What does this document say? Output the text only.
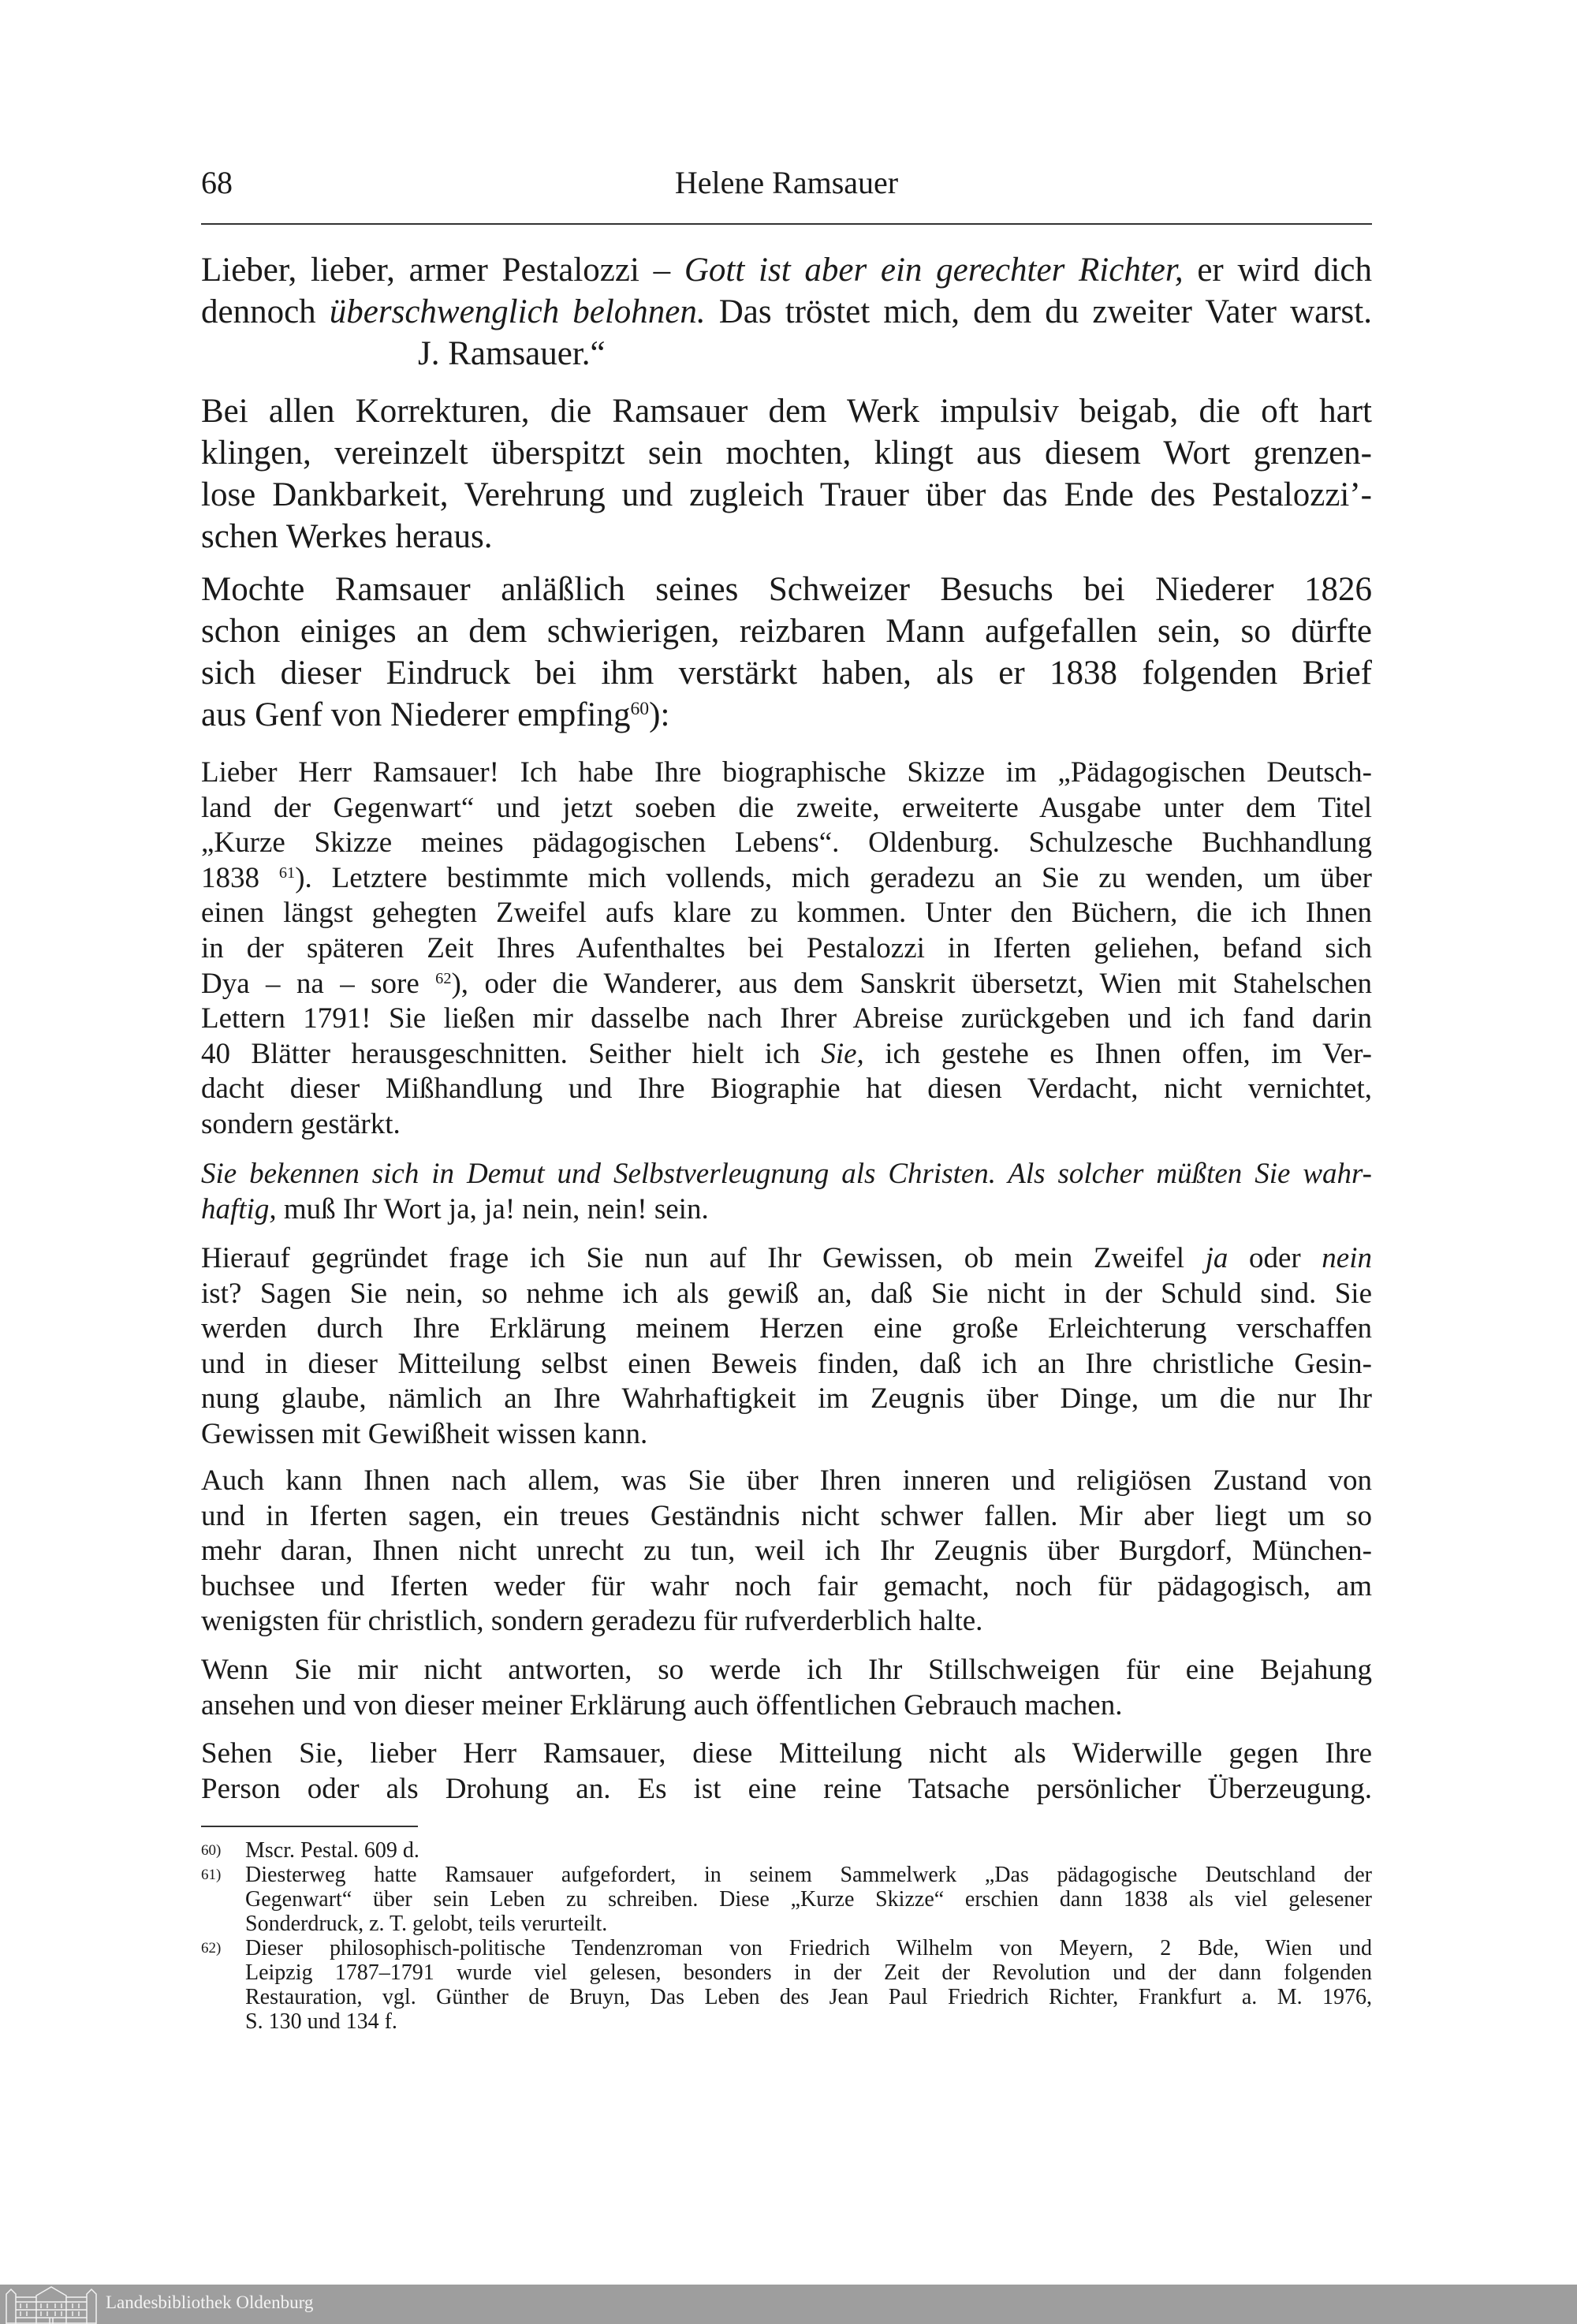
68	Helene Ramsauer
Lieber, lieber, armer Pestalozzi – Gott ist aber ein gerechter Richter, er wird dich
dennoch überschwenglich belohnen. Das tröstet mich, dem du zweiter Vater warst.
J. Ramsauer.“
Bei allen Korrekturen, die Ramsauer dem Werk impulsiv beigab, die oft hart
klingen, vereinzelt überspitzt sein mochten, klingt aus diesem Wort grenzen-
lose Dankbarkeit, Verehrung und zugleich Trauer über das Ende des Pestalozzi’-
schen Werkes heraus.
Mochte Ramsauer anläßlich seines Schweizer Besuchs bei Niederer 1826
schon einiges an dem schwierigen, reizbaren Mann aufgefallen sein, so dürfte
sich dieser Eindruck bei ihm verstärkt haben, als er 1838 folgenden Brief
aus Genf von Niederer empfing$^{60}$):
Lieber Herr Ramsauer! Ich habe Ihre biographische Skizze im „Pädagogischen Deutsch-
land der Gegenwart“ und jetzt soeben die zweite, erweiterte Ausgabe unter dem Titel
„Kurze Skizze meines pädagogischen Lebens“. Oldenburg. Schulzesche Buchhandlung
1838 $^{61}$). Letztere bestimmte mich vollends, mich geradezu an Sie zu wenden, um über
einen längst gehegten Zweifel aufs klare zu kommen. Unter den Büchern, die ich Ihnen
in der späteren Zeit Ihres Aufenthaltes bei Pestalozzi in Iferten geliehen, befand sich
Dya – na – sore $^{62}$), oder die Wanderer, aus dem Sanskrit übersetzt, Wien mit Stahelschen
Lettern 1791! Sie ließen mir dasselbe nach Ihrer Abreise zurückgeben und ich fand darin
40 Blätter herausgeschnitten. Seither hielt ich Sie, ich gestehe es Ihnen offen, im Ver-
dacht dieser Mißhandlung und Ihre Biographie hat diesen Verdacht, nicht vernichtet,
sondern gestärkt.
Sie bekennen sich in Demut und Selbstverleugnung als Christen. Als solcher müßten Sie wahr-
haftig, muß Ihr Wort ja, ja! nein, nein! sein.
Hierauf gegründet frage ich Sie nun auf Ihr Gewissen, ob mein Zweifel ja oder nein
ist? Sagen Sie nein, so nehme ich als gewiß an, daß Sie nicht in der Schuld sind. Sie
werden durch Ihre Erklärung meinem Herzen eine große Erleichterung verschaffen
und in dieser Mitteilung selbst einen Beweis finden, daß ich an Ihre christliche Gesin-
nung glaube, nämlich an Ihre Wahrhaftigkeit im Zeugnis über Dinge, um die nur Ihr
Gewissen mit Gewißheit wissen kann.
Auch kann Ihnen nach allem, was Sie über Ihren inneren und religiösen Zustand von
und in Iferten sagen, ein treues Geständnis nicht schwer fallen. Mir aber liegt um so
mehr daran, Ihnen nicht unrecht zu tun, weil ich Ihr Zeugnis über Burgdorf, München-
buchsee und Iferten weder für wahr noch fair gemacht, noch für pädagogisch, am
wenigsten für christlich, sondern geradezu für rufverderblich halte.
Wenn Sie mir nicht antworten, so werde ich Ihr Stillschweigen für eine Bejahung
ansehen und von dieser meiner Erklärung auch öffentlichen Gebrauch machen.
Sehen Sie, lieber Herr Ramsauer, diese Mitteilung nicht als Widerwille gegen Ihre
Person oder als Drohung an. Es ist eine reine Tatsache persönlicher Überzeugung.
60) Mscr. Pestal. 609 d.
61) Diesterweg hatte Ramsauer aufgefordert, in seinem Sammelwerk „Das pädagogische Deutschland der
Gegenwart“ über sein Leben zu schreiben. Diese „Kurze Skizze“ erschien dann 1838 als viel gelesener
Sonderdruck, z. T. gelobt, teils verurteilt.
62) Dieser philosophisch-politische Tendenzroman von Friedrich Wilhelm von Meyern, 2 Bde, Wien und
Leipzig 1787–1791 wurde viel gelesen, besonders in der Zeit der Revolution und der dann folgenden
Restauration, vgl. Günther de Bruyn, Das Leben des Jean Paul Friedrich Richter, Frankfurt a. M. 1976,
S. 130 und 134 f.
Landesbibliothek Oldenburg
